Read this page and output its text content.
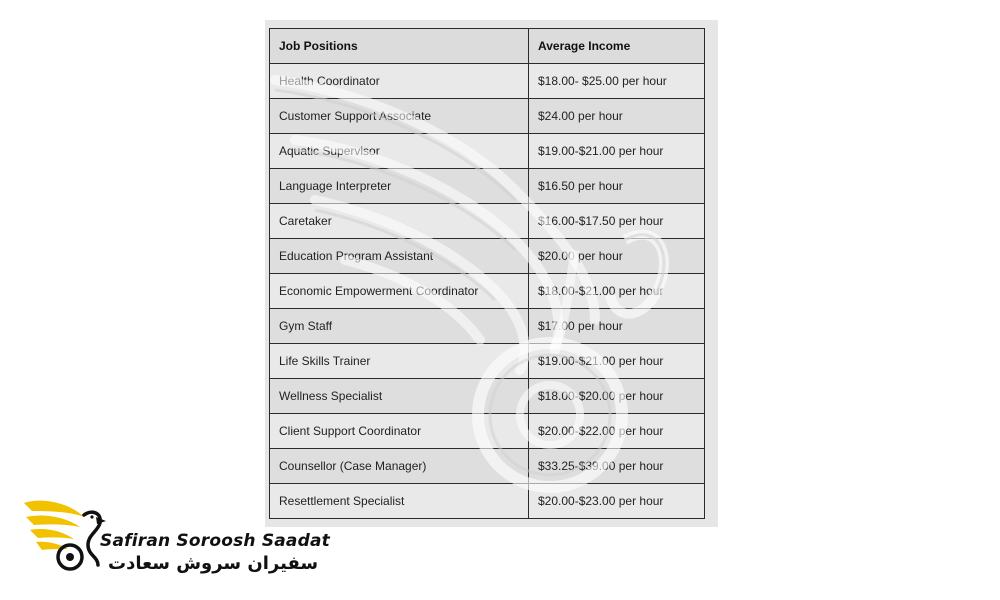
Job Positions	Average Income
Health Coordinator	$18.00- $25.00 per hour
Customer Support Associate	$24.00 per hour
Aquatic Supervisor	$19.00-$21.00 per hour
Language Interpreter	$16.50 per hour
Caretaker	$16.00-$17.50 per hour
Education Program Assistant	$20.00 per hour
Economic Empowerment Coordinator	$18.00-$21.00 per hour
Gym Staff	$17.00 per hour
Life Skills Trainer	$19.00-$21.00 per hour
Wellness Specialist	$18.00-$20.00 per hour
Client Support Coordinator	$20.00-$22.00 per hour
Counsellor (Case Manager)	$33.25-$39.00 per hour
Resettlement Specialist	$20.00-$23.00 per hour
Safiran Soroosh Saadat
سفیران سروش سعادت
